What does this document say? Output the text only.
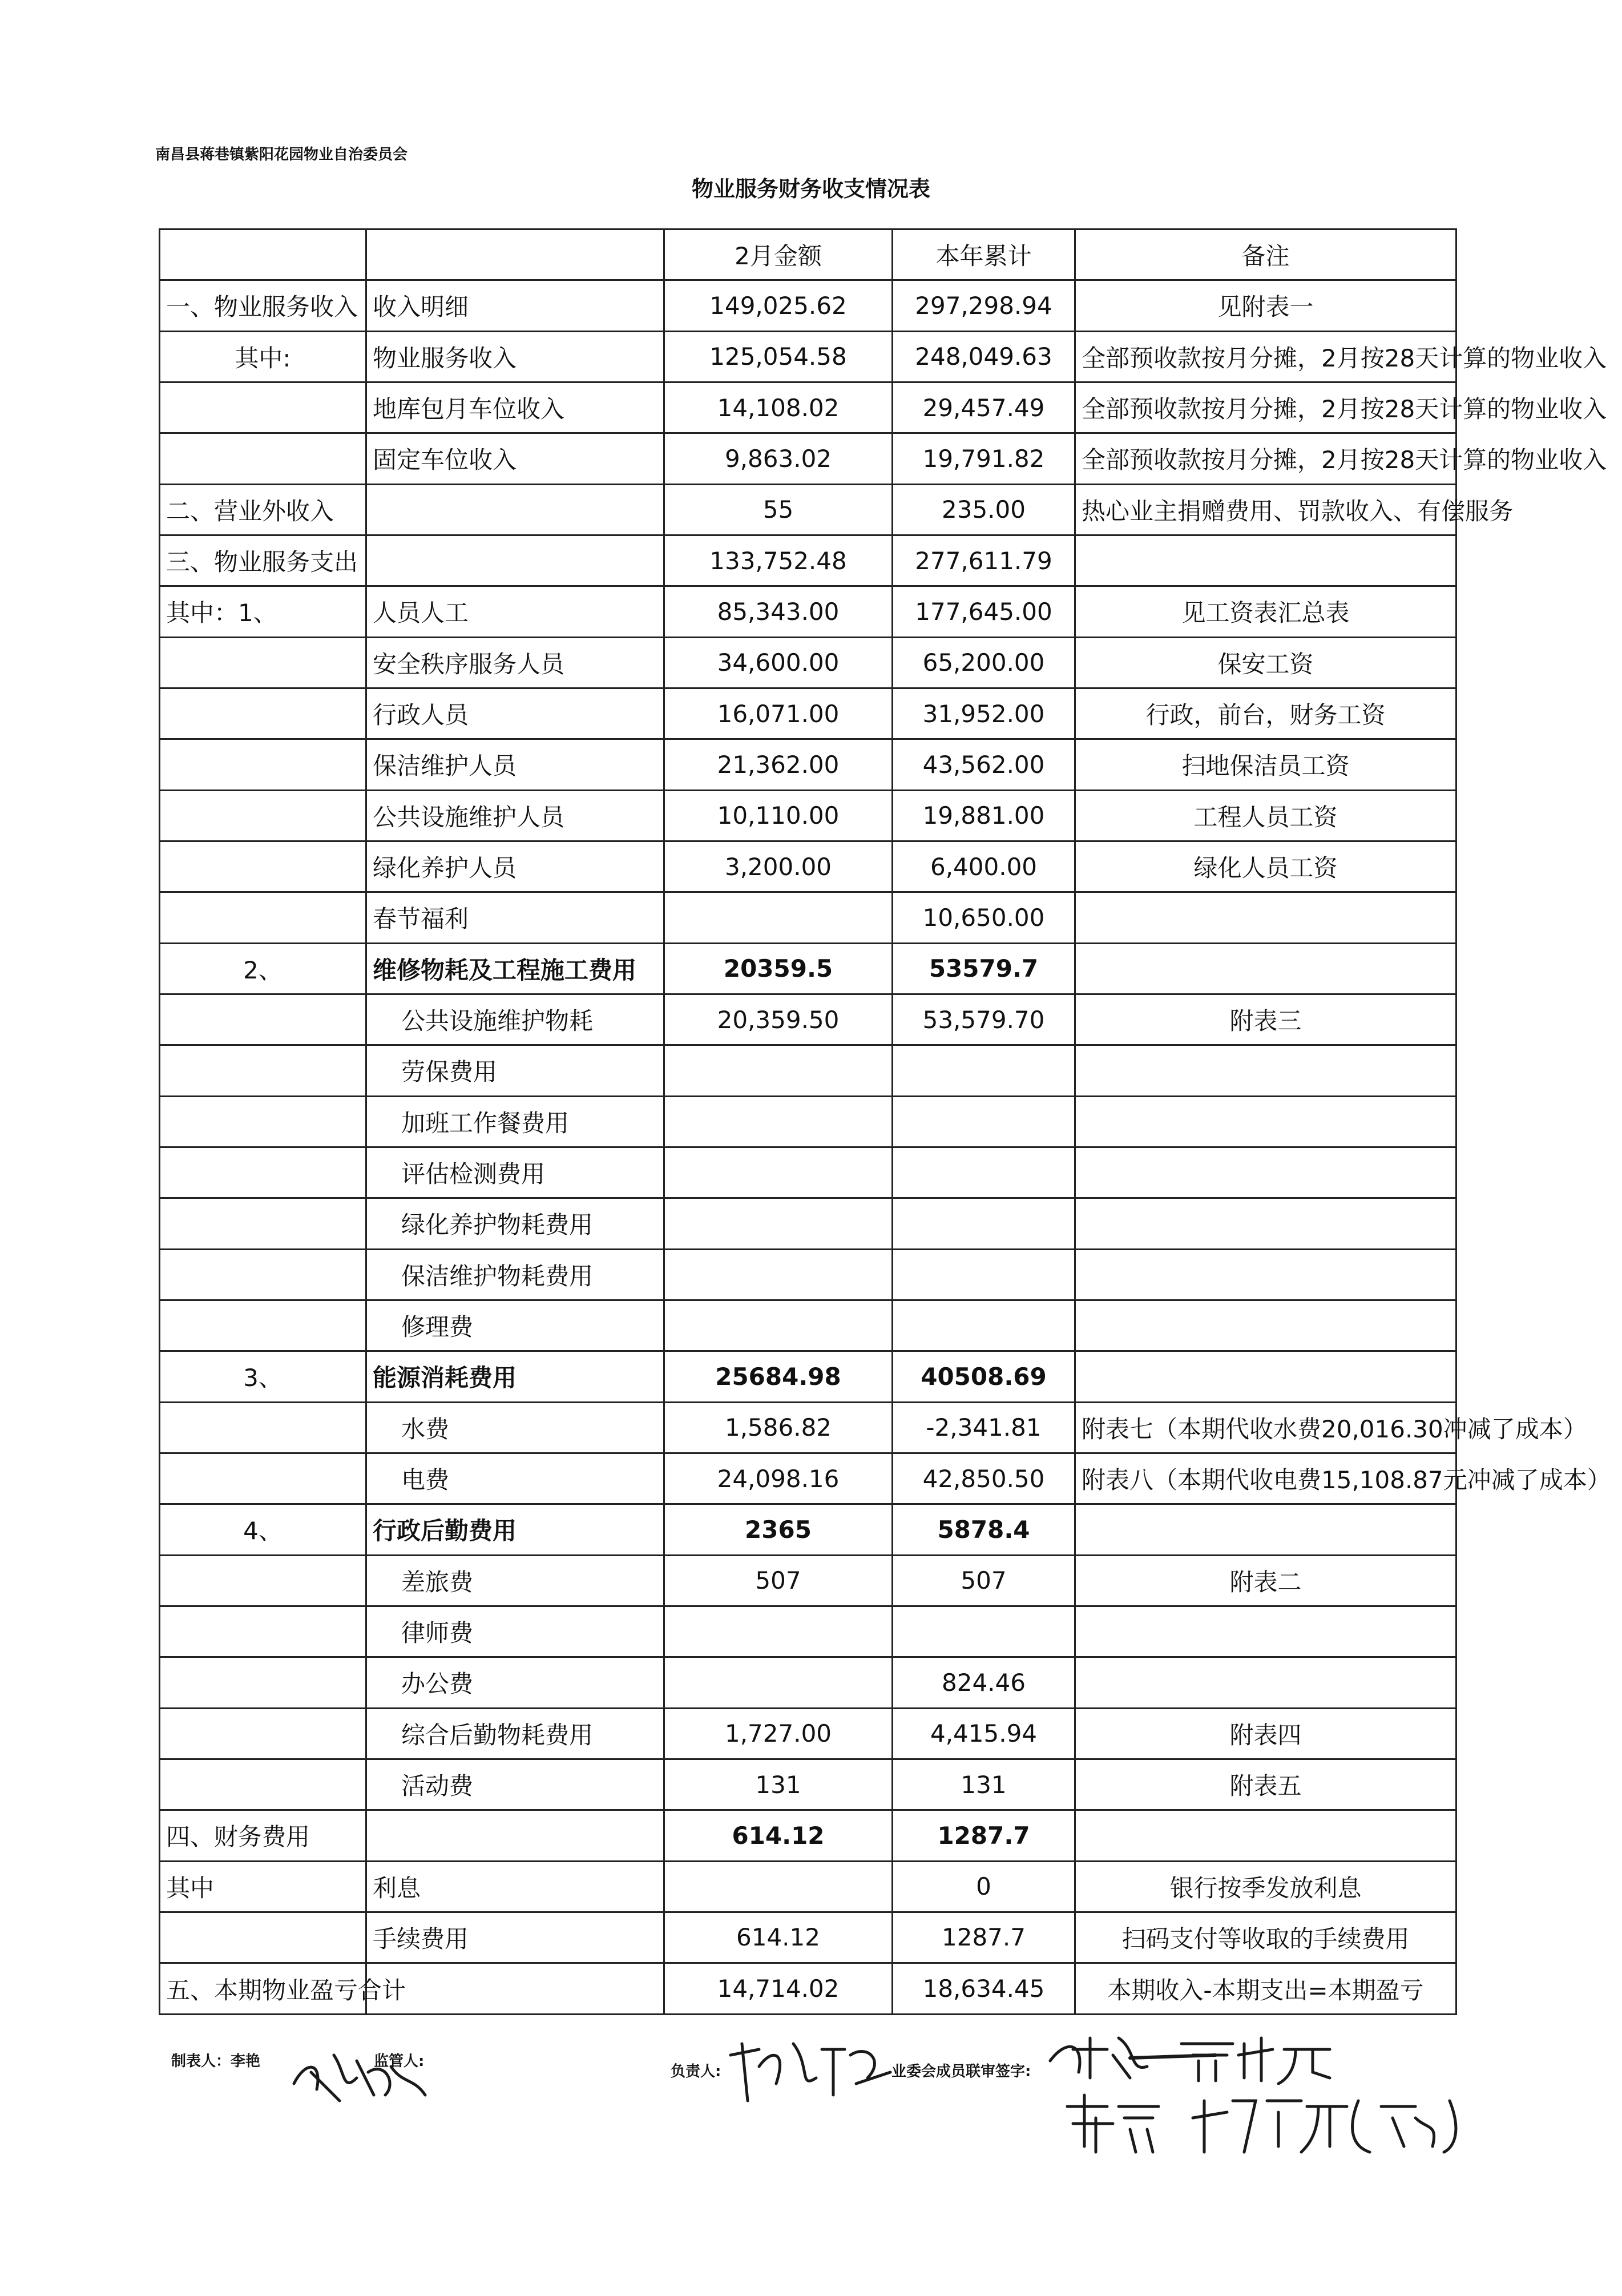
南昌县蒋巷镇紫阳花园物业自治委员会
物业服务财务收支情况表
		2月金额	本年累计	备注
一、物业服务收入	收入明细	149,025.62	297,298.94	见附表一
其中:	物业服务收入	125,054.58	248,049.63	全部预收款按月分摊，2月按28天计算的物业收入
	地库包月车位收入	14,108.02	29,457.49	全部预收款按月分摊，2月按28天计算的物业收入
	固定车位收入	9,863.02	19,791.82	全部预收款按月分摊，2月按28天计算的物业收入
二、营业外收入		55	235.00	热心业主捐赠费用、罚款收入、有偿服务
三、物业服务支出		133,752.48	277,611.79	
其中：1、	人员人工	85,343.00	177,645.00	见工资表汇总表
	安全秩序服务人员	34,600.00	65,200.00	保安工资
	行政人员	16,071.00	31,952.00	行政，前台，财务工资
	保洁维护人员	21,362.00	43,562.00	扫地保洁员工资
	公共设施维护人员	10,110.00	19,881.00	工程人员工资
	绿化养护人员	3,200.00	6,400.00	绿化人员工资
	春节福利		10,650.00	
2、	维修物耗及工程施工费用	20359.5	53579.7	
	公共设施维护物耗	20,359.50	53,579.70	附表三
	劳保费用			
	加班工作餐费用			
	评估检测费用			
	绿化养护物耗费用			
	保洁维护物耗费用			
	修理费			
3、	能源消耗费用	25684.98	40508.69	
	水费	1,586.82	-2,341.81	附表七（本期代收水费20,016.30冲减了成本）
	电费	24,098.16	42,850.50	附表八（本期代收电费15,108.87元冲减了成本）
4、	行政后勤费用	2365	5878.4	
	差旅费	507	507	附表二
	律师费			
	办公费		824.46	
	综合后勤物耗费用	1,727.00	4,415.94	附表四
	活动费	131	131	附表五
四、财务费用		614.12	1287.7	
其中	利息		0	银行按季发放利息
	手续费用	614.12	1287.7	扫码支付等收取的手续费用
五、本期物业盈亏合计		14,714.02	18,634.45	本期收入-本期支出=本期盈亏
制表人：李艳	监管人:
负责人:	业委会成员联审签字:
